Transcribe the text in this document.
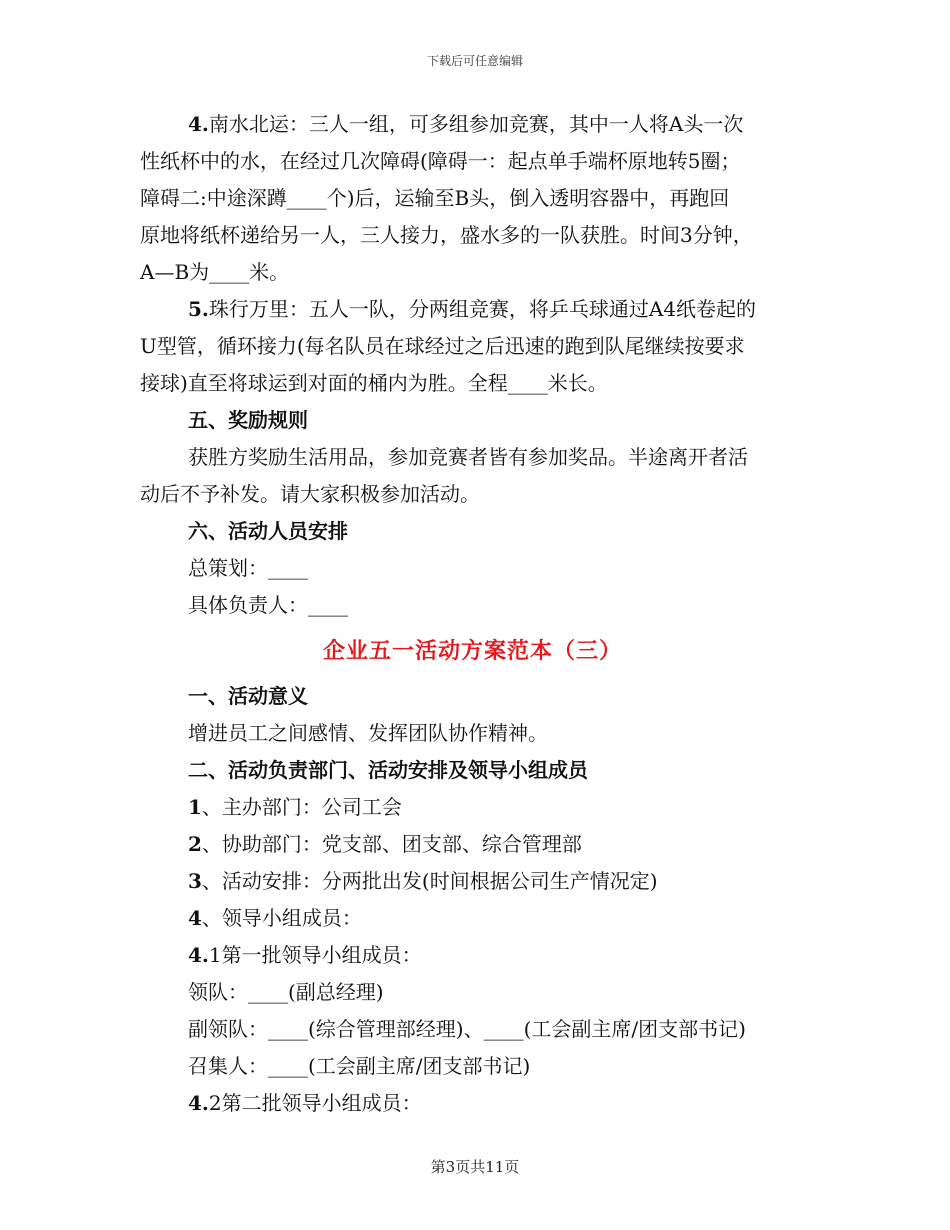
下载后可任意编辑
4.南水北运：三人一组，可多组参加竞赛，其中一人将A头一次
性纸杯中的水，在经过几次障碍(障碍一：起点单手端杯原地转5圈；
障碍二:中途深蹲____个)后，运输至B头，倒入透明容器中，再跑回
原地将纸杯递给另一人，三人接力，盛水多的一队获胜。时间3分钟，
A—B为____米。
5.珠行万里：五人一队，分两组竞赛，将乒乓球通过A4纸卷起的
U型管，循环接力(每名队员在球经过之后迅速的跑到队尾继续按要求
接球)直至将球运到对面的桶内为胜。全程____米长。
五、奖励规则
获胜方奖励生活用品，参加竞赛者皆有参加奖品。半途离开者活
动后不予补发。请大家积极参加活动。
六、活动人员安排
总策划：____
具体负责人：____
企业五一活动方案范本（三）
一、活动意义
增进员工之间感情、发挥团队协作精神。
二、活动负责部门、活动安排及领导小组成员
1、主办部门：公司工会
2、协助部门：党支部、团支部、综合管理部
3、活动安排：分两批出发(时间根据公司生产情况定)
4、领导小组成员：
4.1第一批领导小组成员：
领队：____(副总经理)
副领队：____(综合管理部经理)、____(工会副主席/团支部书记)
召集人：____(工会副主席/团支部书记)
4.2第二批领导小组成员：
第3页共11页
